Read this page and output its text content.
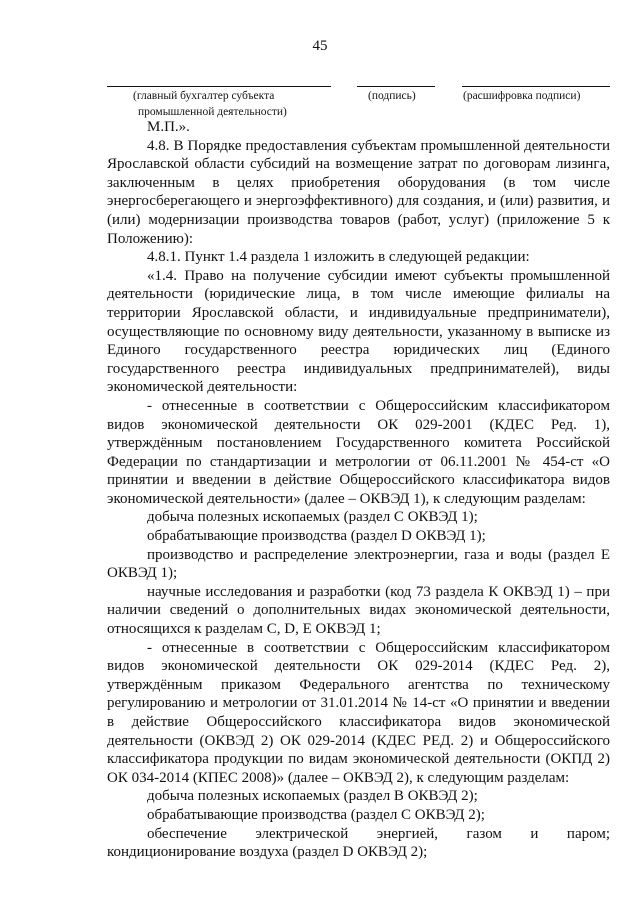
45
(главный бухгалтер субъекта
промышленной деятельности)
(подпись)	(расшифровка подписи)

М.П.».

4.8. В Порядке предоставления субъектам промышленной деятельности Ярославской области субсидий на возмещение затрат по договорам лизинга, заключенным в целях приобретения оборудования (в том числе энергосберегающего и энергоэффективного) для создания, и (или) развития, и (или) модернизации производства товаров (работ, услуг) (приложение 5 к Положению):

4.8.1. Пункт 1.4 раздела 1 изложить в следующей редакции:

«1.4. Право на получение субсидии имеют субъекты промышленной деятельности (юридические лица, в том числе имеющие филиалы на территории Ярославской области, и индивидуальные предприниматели), осуществляющие по основному виду деятельности, указанному в выписке из Единого государственного реестра юридических лиц (Единого государственного реестра индивидуальных предпринимателей), виды экономической деятельности:

- отнесенные в соответствии с Общероссийским классификатором видов экономической деятельности ОК 029-2001 (КДЕС Ред. 1), утверждённым постановлением Государственного комитета Российской Федерации по стандартизации и метрологии от 06.11.2001 № 454-ст «О принятии и введении в действие Общероссийского классификатора видов экономической деятельности» (далее – ОКВЭД 1), к следующим разделам:

добыча полезных ископаемых (раздел С ОКВЭД 1);

обрабатывающие производства (раздел D ОКВЭД 1);

производство и распределение электроэнергии, газа и воды (раздел Е ОКВЭД 1);

научные исследования и разработки (код 73 раздела К ОКВЭД 1) – при наличии сведений о дополнительных видах экономической деятельности, относящихся к разделам С, D, Е ОКВЭД 1;

- отнесенные в соответствии с Общероссийским классификатором видов экономической деятельности ОК 029-2014 (КДЕС Ред. 2), утверждённым приказом Федерального агентства по техническому регулированию и метрологии от 31.01.2014 № 14-ст «О принятии и введении в действие Общероссийского классификатора видов экономической деятельности (ОКВЭД 2) ОК 029-2014 (КДЕС РЕД. 2) и Общероссийского классификатора продукции по видам экономической деятельности (ОКПД 2) ОК 034-2014 (КПЕС 2008)» (далее – ОКВЭД 2), к следующим разделам:

добыча полезных ископаемых (раздел В ОКВЭД 2);

обрабатывающие производства (раздел С ОКВЭД 2);

обеспечение электрической энергией, газом и паром; кондиционирование воздуха (раздел D ОКВЭД 2);
